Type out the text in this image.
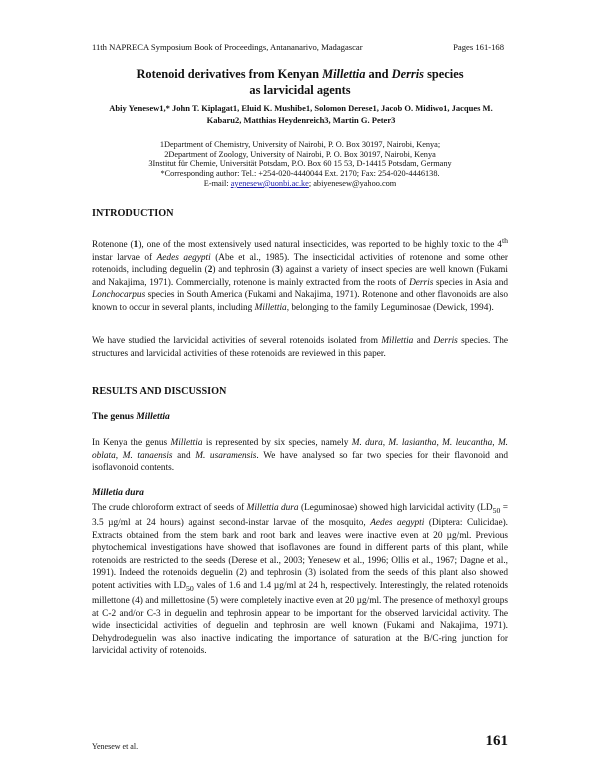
11th NAPRECA Symposium Book of Proceedings, Antananarivo, Madagascar	Pages 161-168
Rotenoid derivatives from Kenyan Millettia and Derris species
as larvicidal agents
Abiy Yenesew1,* John T. Kiplagat1, Eluid K. Mushibe1, Solomon Derese1, Jacob O. Midiwo1, Jacques M.
Kabaru2, Matthias Heydenreich3, Martin G. Peter3
1Department of Chemistry, University of Nairobi, P. O. Box 30197, Nairobi, Kenya;
2Department of Zoology, University of Nairobi, P. O. Box 30197, Nairobi, Kenya
3Institut für Chemie, Universität Potsdam, P.O. Box 60 15 53, D-14415 Potsdam, Germany
*Corresponding author: Tel.: +254-020-4440044 Ext. 2170; Fax: 254-020-4446138.
E-mail: ayenesew@uonbi.ac.ke; abiyenesew@yahoo.com
INTRODUCTION

Rotenone (1), one of the most extensively used natural insecticides, was reported to be highly toxic to the 4th instar larvae of Aedes aegypti (Abe et al., 1985). The insecticidal activities of rotenone and some other rotenoids, including deguelin (2) and tephrosin (3) against a variety of insect species are well known (Fukami and Nakajima, 1971). Commercially, rotenone is mainly extracted from the roots of Derris species in Asia and Lonchocarpus species in South America (Fukami and Nakajima, 1971). Rotenone and other flavonoids are also known to occur in several plants, including Millettia, belonging to the family Leguminosae (Dewick, 1994).

We have studied the larvicidal activities of several rotenoids isolated from Millettia and Derris species. The structures and larvicidal activities of these rotenoids are reviewed in this paper.

RESULTS AND DISCUSSION
The genus Millettia

In Kenya the genus Millettia is represented by six species, namely M. dura, M. lasiantha, M. leucantha, M. oblata, M. tanaensis and M. usaramensis. We have analysed so far two species for their flavonoid and isoflavonoid contents.

Milletia dura

The crude chloroform extract of seeds of Millettia dura (Leguminosae) showed high larvicidal activity ($LD_{50} = 3.5$ µg/ml at 24 hours) against second-instar larvae of the mosquito, Aedes aegypti (Diptera: Culicidae). Extracts obtained from the stem bark and root bark and leaves were inactive even at 20 µg/ml. Previous phytochemical investigations have showed that isoflavones are found in different parts of this plant, while rotenoids are restricted to the seeds (Derese et al., 2003; Yenesew et al., 1996; Ollis et al., 1967; Dagne et al., 1991). Indeed the rotenoids deguelin (2) and tephrosin (3) isolated from the seeds of this plant also showed potent activities with $LD_{50}$ vales of 1.6 and 1.4 µg/ml at 24 h, respectively. Interestingly, the related rotenoids millettone (4) and millettosine (5) were completely inactive even at 20 µg/ml. The presence of methoxyl groups at C-2 and/or C-3 in deguelin and tephrosin appear to be important for the observed larvicidal activity. The wide insecticidal activities of deguelin and tephrosin are well known (Fukami and Nakajima, 1971). Dehydrodeguelin was also inactive indicating the importance of saturation at the B/C-ring junction for larvicidal activity of rotenoids.

Yenesew et al.	161
